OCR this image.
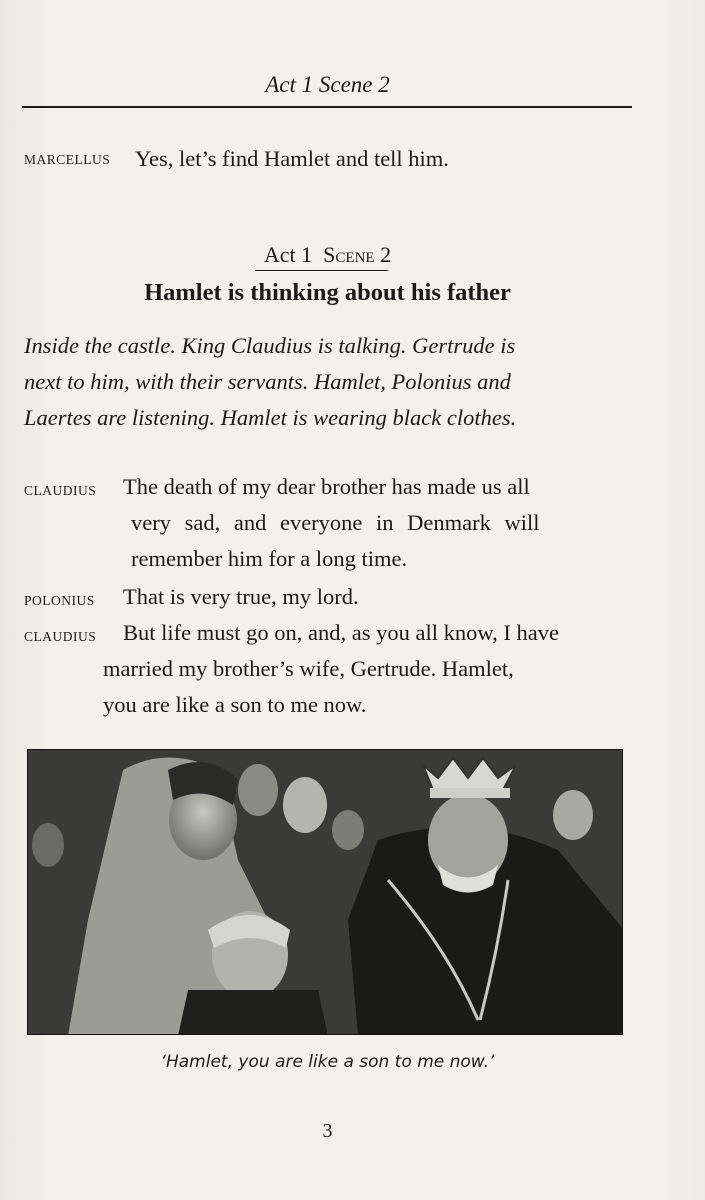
Act 1 Scene 2
MARCELLUS Yes, let’s find Hamlet and tell him.
Act 1 Scene 2
Hamlet is thinking about his father
Inside the castle. King Claudius is talking. Gertrude is
next to him, with their servants. Hamlet, Polonius and
Laertes are listening. Hamlet is wearing black clothes.
CLAUDIUS The death of my dear brother has made us all
very sad, and everyone in Denmark will
remember him for a long time.
POLONIUS That is very true, my lord.
CLAUDIUS But life must go on, and, as you all know, I have
married my brother’s wife, Gertrude. Hamlet,
you are like a son to me now.
‘Hamlet, you are like a son to me now.’
3
